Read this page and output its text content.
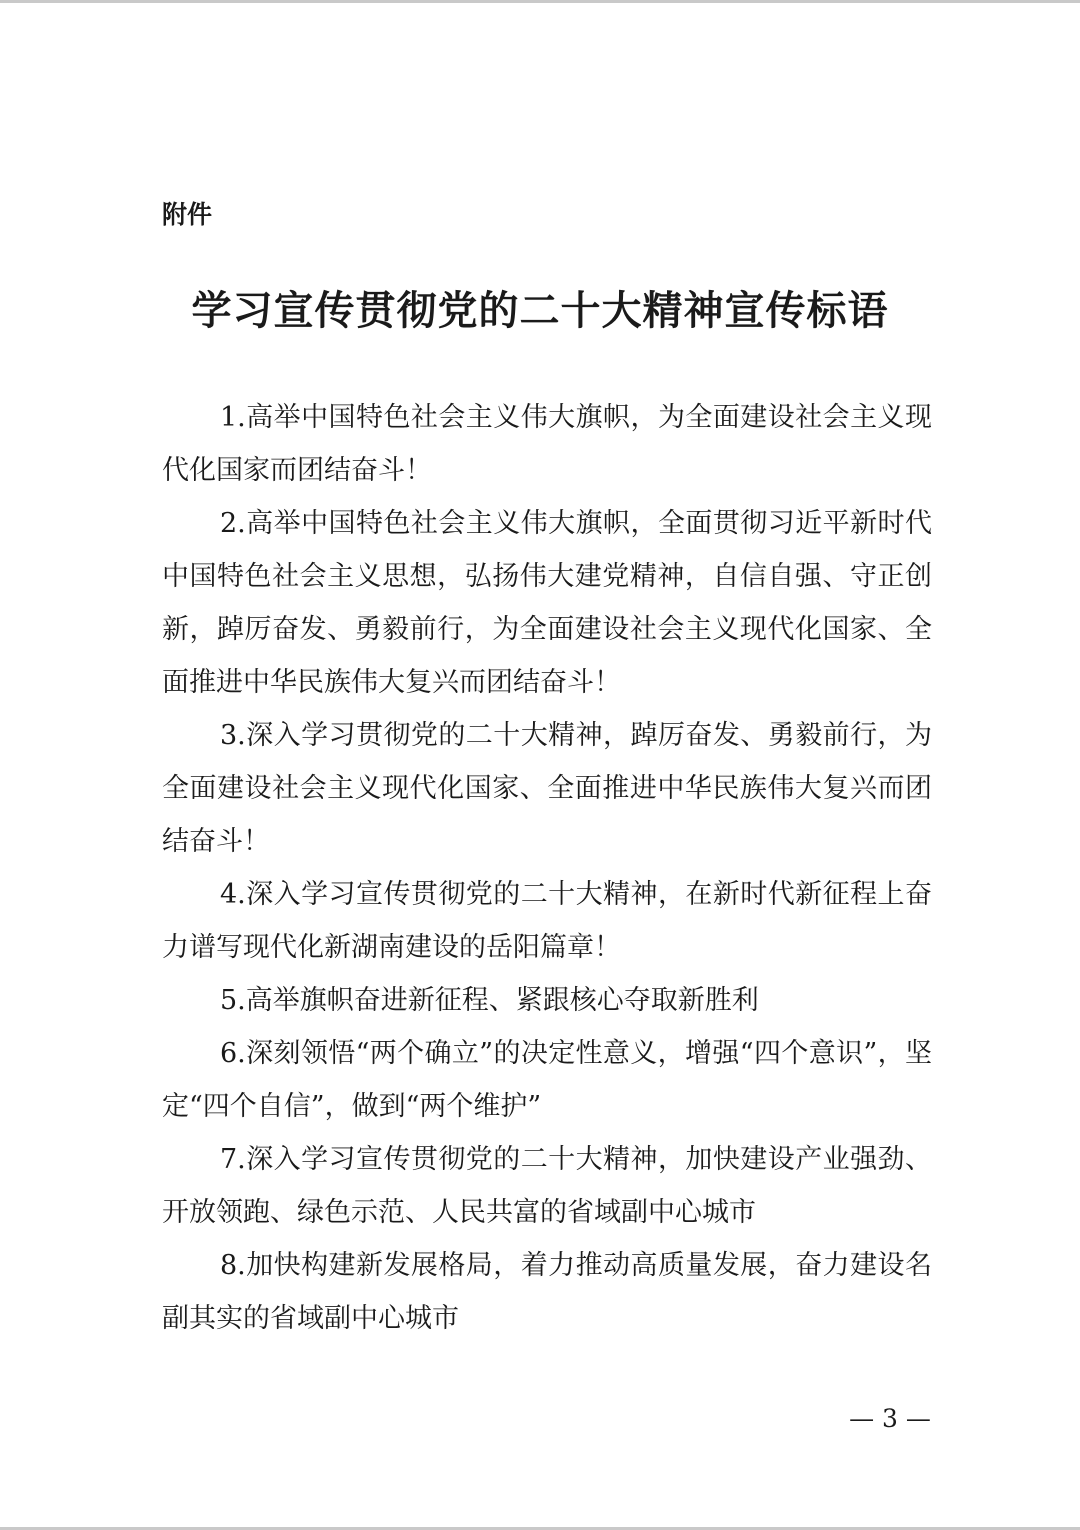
附件
学习宣传贯彻党的二十大精神宣传标语

1.高举中国特色社会主义伟大旗帜，为全面建设社会主义现代化国家而团结奋斗！

2.高举中国特色社会主义伟大旗帜，全面贯彻习近平新时代中国特色社会主义思想，弘扬伟大建党精神，自信自强、守正创新，踔厉奋发、勇毅前行，为全面建设社会主义现代化国家、全面推进中华民族伟大复兴而团结奋斗！

3.深入学习贯彻党的二十大精神，踔厉奋发、勇毅前行，为全面建设社会主义现代化国家、全面推进中华民族伟大复兴而团结奋斗！

4.深入学习宣传贯彻党的二十大精神，在新时代新征程上奋力谱写现代化新湖南建设的岳阳篇章！

5.高举旗帜奋进新征程、紧跟核心夺取新胜利

6.深刻领悟“两个确立”的决定性意义，增强“四个意识”，坚定“四个自信”，做到“两个维护”

7.深入学习宣传贯彻党的二十大精神，加快建设产业强劲、开放领跑、绿色示范、人民共富的省域副中心城市

8.加快构建新发展格局，着力推动高质量发展，奋力建设名副其实的省域副中心城市

— 3 —
